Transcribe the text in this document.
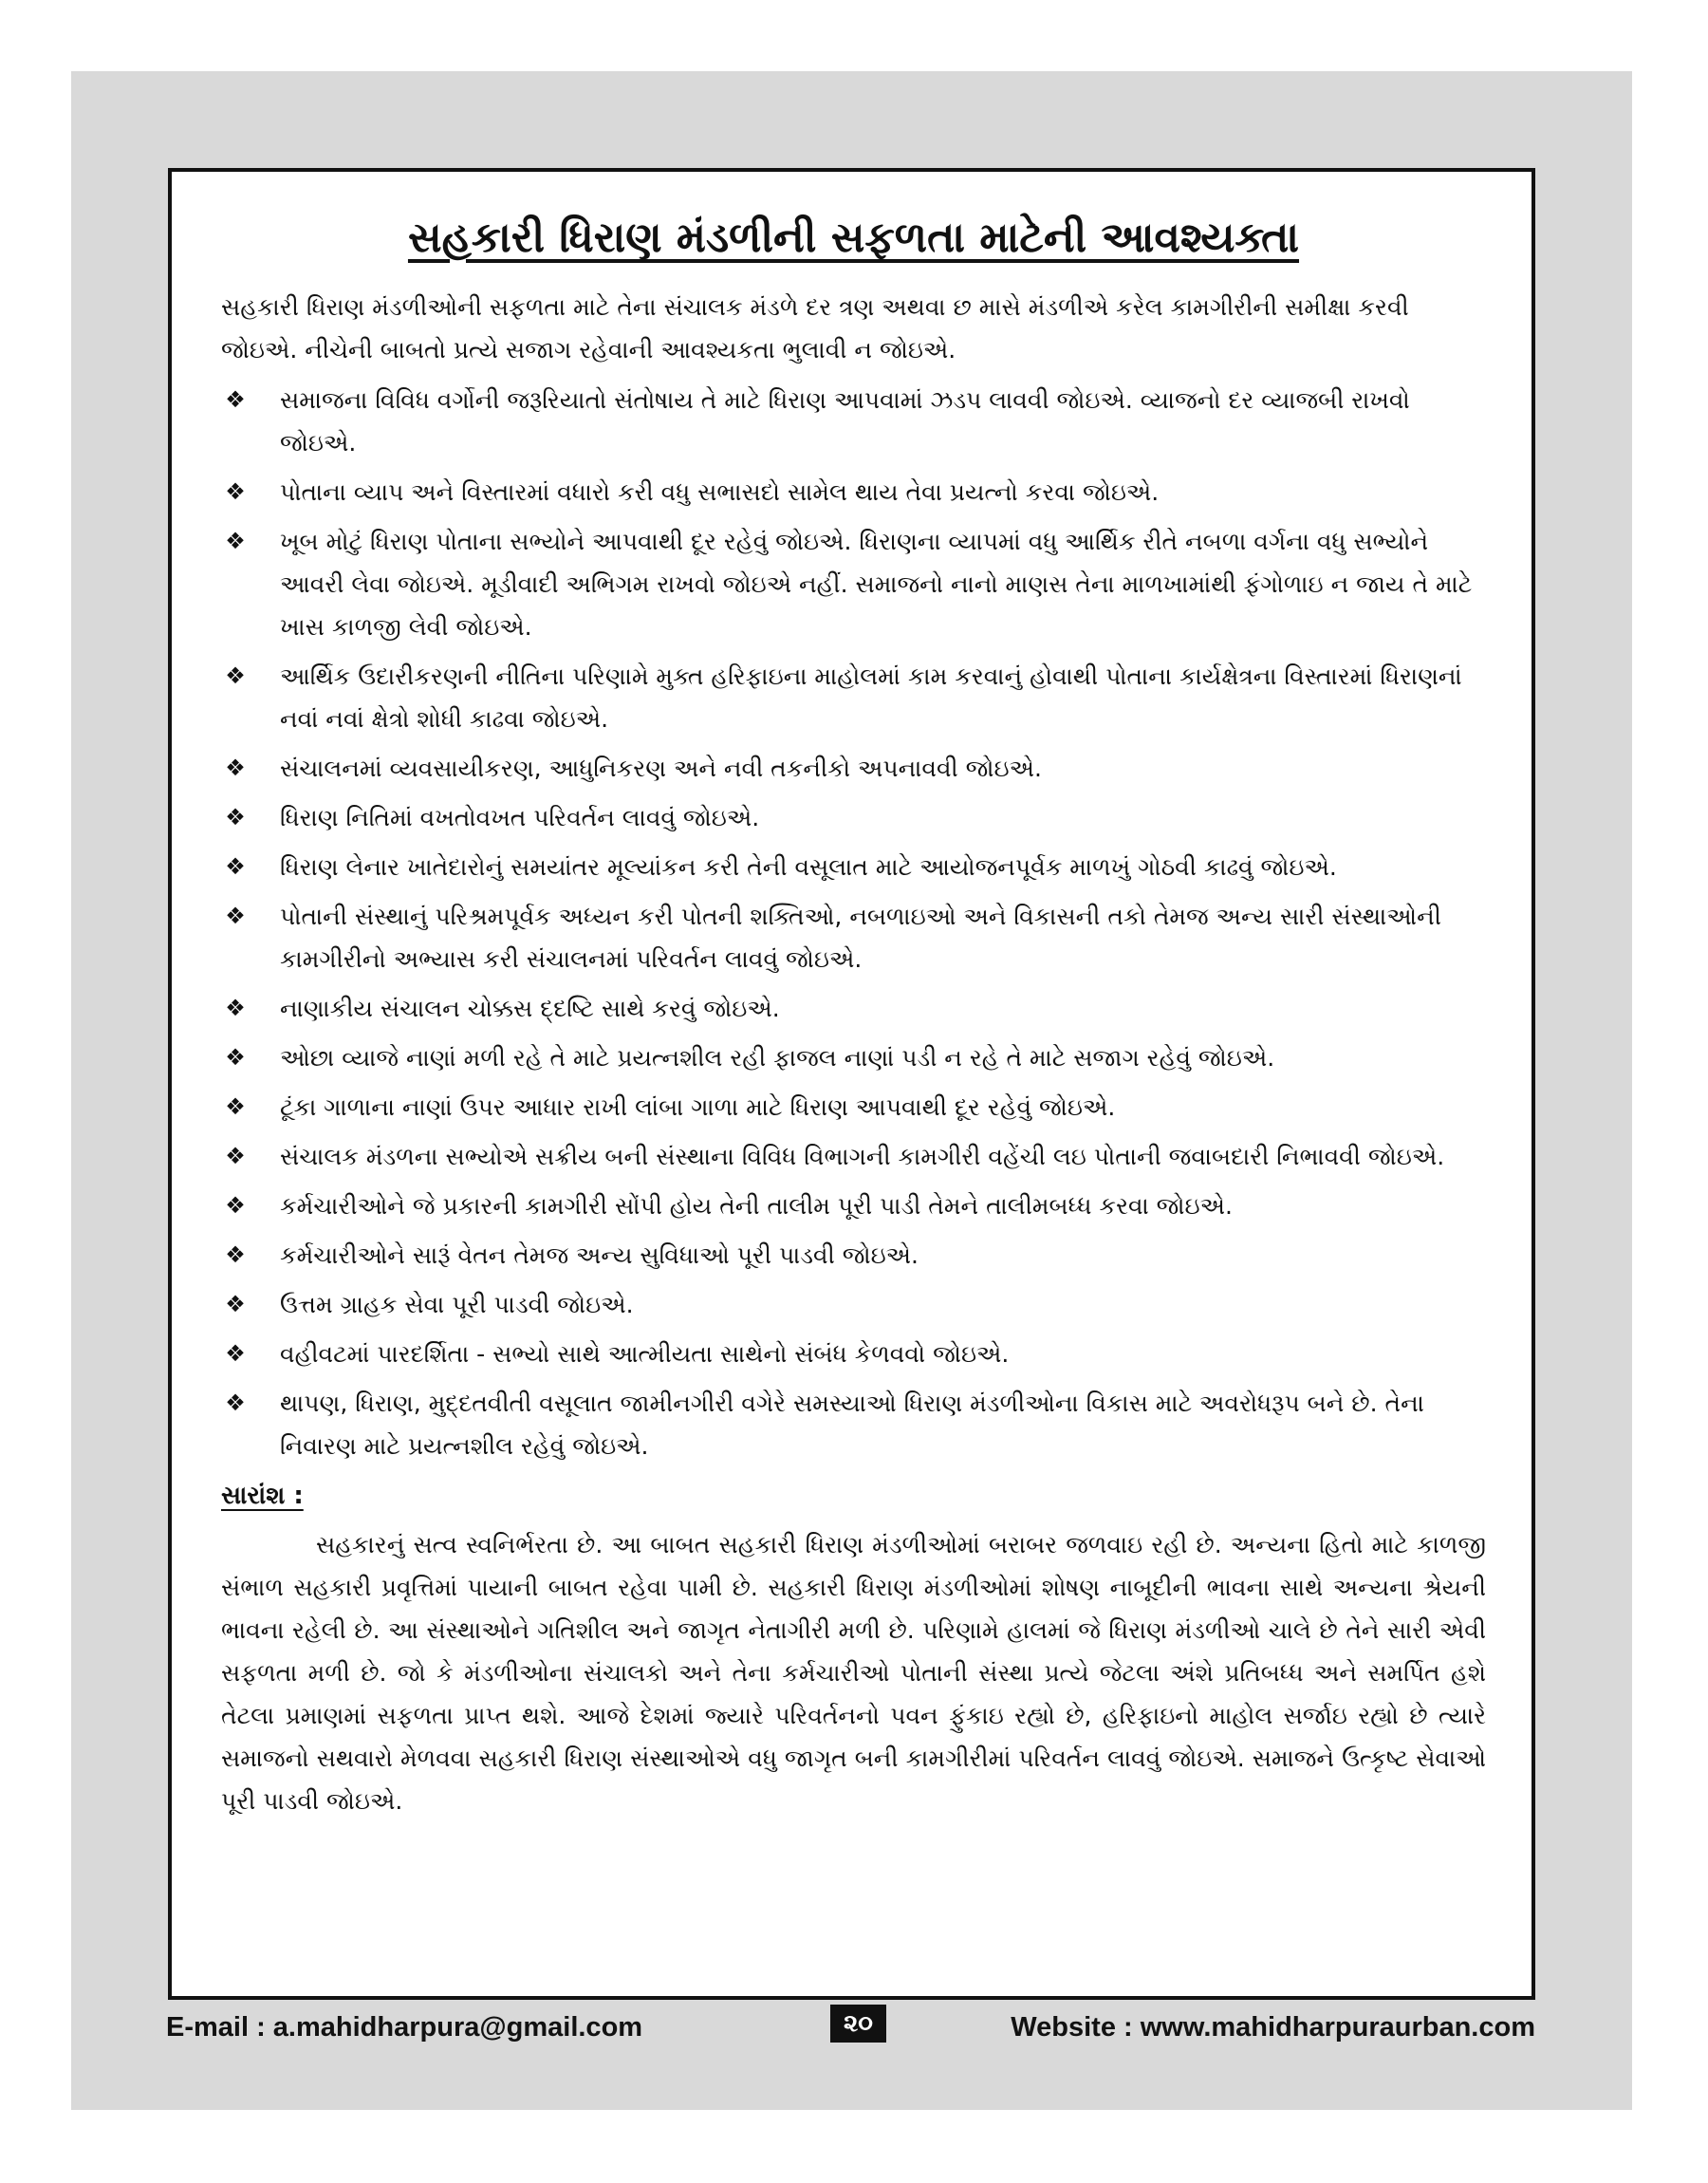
સહકારી ધિરાણ મંડળીની સફળતા માટેની આવશ્યક્તા

સહકારી ધિરાણ મંડળીઓની સફળતા માટે તેના સંચાલક મંડળે દર ત્રણ અથવા છ માસે મંડળીએ કરેલ કામગીરીની સમીક્ષા કરવી જોઇએ. નીચેની બાબતો પ્રત્યે સજાગ રહેવાની આવશ્યકતા ભુલાવી ન જોઇએ.

❖ સમાજના વિવિધ વર્ગોની જરૂરિયાતો સંતોષાય તે માટે ધિરાણ આપવામાં ઝડપ લાવવી જોઇએ. વ્યાજનો દર વ્યાજબી રાખવો જોઇએ.
❖ પોતાના વ્યાપ અને વિસ્તારમાં વધારો કરી વધુ સભાસદો સામેલ થાય તેવા પ્રયત્નો કરવા જોઇએ.
❖ ખૂબ મોટું ધિરાણ પોતાના સભ્યોને આપવાથી દૂર રહેવું જોઇએ. ધિરાણના વ્યાપમાં વધુ આર્થિક રીતે નબળા વર્ગના વધુ સભ્યોને આવરી લેવા જોઇએ. મૂડીવાદી અભિગમ રાખવો જોઇએ નહીં. સમાજનો નાનો માણસ તેના માળખામાંથી ફંગોળાઇ ન જાય તે માટે ખાસ કાળજી લેવી જોઇએ.
❖ આર્થિક ઉદારીકરણની નીતિના પરિણામે મુક્ત હરિફાઇના માહોલમાં કામ કરવાનું હોવાથી પોતાના કાર્યક્ષેત્રના વિસ્તારમાં ધિરાણનાં નવાં નવાં ક્ષેત્રો શોધી કાઢવા જોઇએ.
❖ સંચાલનમાં વ્યવસાયીકરણ, આધુનિકરણ અને નવી તકનીકો અપનાવવી જોઇએ.
❖ ધિરાણ નિતિમાં વખતોવખત પરિવર્તન લાવવું જોઇએ.
❖ ધિરાણ લેનાર ખાતેદારોનું સમયાંતર મૂલ્યાંકન કરી તેની વસૂલાત માટે આયોજનપૂર્વક માળખું ગોઠવી કાઢવું જોઇએ.
❖ પોતાની સંસ્થાનું પરિશ્રમપૂર્વક અધ્યન કરી પોતની શક્તિઓ, નબળાઇઓ અને વિકાસની તકો તેમજ અન્ય સારી સંસ્થાઓની કામગીરીનો અભ્યાસ કરી સંચાલનમાં પરિવર્તન લાવવું જોઇએ.
❖ નાણાકીય સંચાલન ચોક્કસ દ્દષ્ટિ સાથે કરવું જોઇએ.
❖ ઓછા વ્યાજે નાણાં મળી રહે તે માટે પ્રયત્નશીલ રહી ફાજલ નાણાં પડી ન રહે તે માટે સજાગ રહેવું જોઇએ.
❖ ટૂંકા ગાળાના નાણાં ઉપર આધાર રાખી લાંબા ગાળા માટે ધિરાણ આપવાથી દૂર રહેવું જોઇએ.
❖ સંચાલક મંડળના સભ્યોએ સક્રીય બની સંસ્થાના વિવિધ વિભાગની કામગીરી વહેંચી લઇ પોતાની જવાબદારી નિભાવવી જોઇએ.
❖ કર્મચારીઓને જે પ્રકારની કામગીરી સોંપી હોય તેની તાલીમ પૂરી પાડી તેમને તાલીમબધ્ધ કરવા જોઇએ.
❖ કર્મચારીઓને સારૂં વેતન તેમજ અન્ય સુવિધાઓ પૂરી પાડવી જોઇએ.
❖ ઉત્તમ ગ્રાહક સેવા પૂરી પાડવી જોઇએ.
❖ વહીવટમાં પારદર્શિતા - સભ્યો સાથે આત્મીયતા સાથેનો સંબંધ કેળવવો જોઇએ.
❖ થાપણ, ધિરાણ, મુદ્દતવીતી વસૂલાત જામીનગીરી વગેરે સમસ્યાઓ ધિરાણ મંડળીઓના વિકાસ માટે અવરોધરૂપ બને છે. તેના નિવારણ માટે પ્રયત્નશીલ રહેવું જોઇએ.
સારાંશ :

સહકારનું સત્વ સ્વનિર્ભરતા છે. આ બાબત સહકારી ધિરાણ મંડળીઓમાં બરાબર જળવાઇ રહી છે. અન્યના હિતો માટે કાળજી સંભાળ સહકારી પ્રવૃત્તિમાં પાયાની બાબત રહેવા પામી છે. સહકારી ધિરાણ મંડળીઓમાં શોષણ નાબૂદીની ભાવના સાથે અન્યના શ્રેયની ભાવના રહેલી છે. આ સંસ્થાઓને ગતિશીલ અને જાગૃત નેતાગીરી મળી છે. પરિણામે હાલમાં જે ધિરાણ મંડળીઓ ચાલે છે તેને સારી એવી સફળતા મળી છે. જો કે મંડળીઓના સંચાલકો અને તેના કર્મચારીઓ પોતાની સંસ્થા પ્રત્યે જેટલા અંશે પ્રતિબધ્ધ અને સમર્પિત હશે તેટલા પ્રમાણમાં સફળતા પ્રાપ્ત થશે. આજે દેશમાં જ્યારે પરિવર્તનનો પવન ફુંકાઇ રહ્યો છે, હરિફાઇનો માહોલ સર્જાઇ રહ્યો છે ત્યારે સમાજનો સથવારો મેળવવા સહકારી ધિરાણ સંસ્થાઓએ વધુ જાગૃત બની કામગીરીમાં પરિવર્તન લાવવું જોઇએ. સમાજને ઉત્કૃષ્ટ સેવાઓ પૂરી પાડવી જોઇએ.

E-mail : a.mahidharpura@gmail.com	૨૦	Website : www.mahidharpuraurban.com
